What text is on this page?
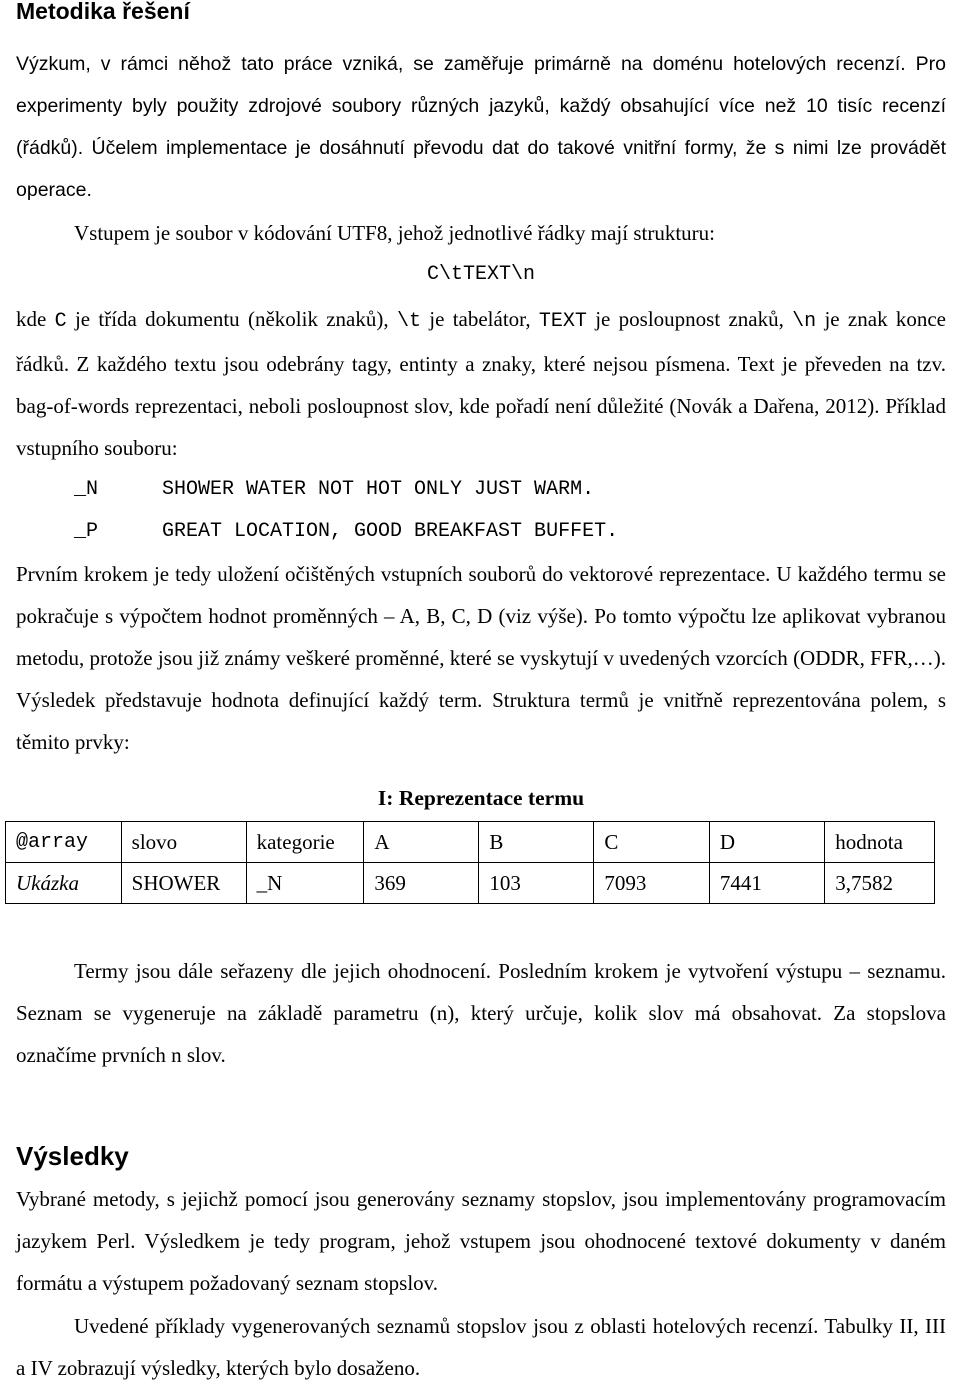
Metodika řešení

Výzkum, v rámci něhož tato práce vzniká, se zaměřuje primárně na doménu hotelových recenzí. Pro experimenty byly použity zdrojové soubory různých jazyků, každý obsahující více než 10 tisíc recenzí (řádků). Účelem implementace je dosáhnutí převodu dat do takové vnitřní formy, že s nimi lze provádět operace.

Vstupem je soubor v kódování UTF8, jehož jednotlivé řádky mají strukturu:

C\tTEXT\n

kde C je třída dokumentu (několik znaků), \t je tabelátor, TEXT je posloupnost znaků, \n je znak konce řádků. Z každého textu jsou odebrány tagy, entinty a znaky, které nejsou písmena. Text je převeden na tzv. bag-of-words reprezentaci, neboli posloupnost slov, kde pořadí není důležité (Novák a Dařena, 2012). Příklad vstupního souboru:

_N	SHOWER WATER NOT HOT ONLY JUST WARM.
_P	GREAT LOCATION, GOOD BREAKFAST BUFFET.

Prvním krokem je tedy uložení očištěných vstupních souborů do vektorové reprezentace. U každého termu se pokračuje s výpočtem hodnot proměnných – A, B, C, D (viz výše). Po tomto výpočtu lze aplikovat vybranou metodu, protože jsou již známy veškeré proměnné, které se vyskytují v uvedených vzorcích (ODDR, FFR,…). Výsledek představuje hodnota definující každý term. Struktura termů je vnitřně reprezentována polem, s těmito prvky:

I: Reprezentace termu
@array	slovo	kategorie	A	B	C	D	hodnota
Ukázka	SHOWER	_N	369	103	7093	7441	3,7582

Termy jsou dále seřazeny dle jejich ohodnocení. Posledním krokem je vytvoření výstupu – seznamu. Seznam se vygeneruje na základě parametru (n), který určuje, kolik slov má obsahovat. Za stopslova označíme prvních n slov.

Výsledky

Vybrané metody, s jejichž pomocí jsou generovány seznamy stopslov, jsou implementovány programovacím jazykem Perl. Výsledkem je tedy program, jehož vstupem jsou ohodnocené textové dokumenty v daném formátu a výstupem požadovaný seznam stopslov.

Uvedené příklady vygenerovaných seznamů stopslov jsou z oblasti hotelových recenzí. Tabulky II, III a IV zobrazují výsledky, kterých bylo dosaženo.
